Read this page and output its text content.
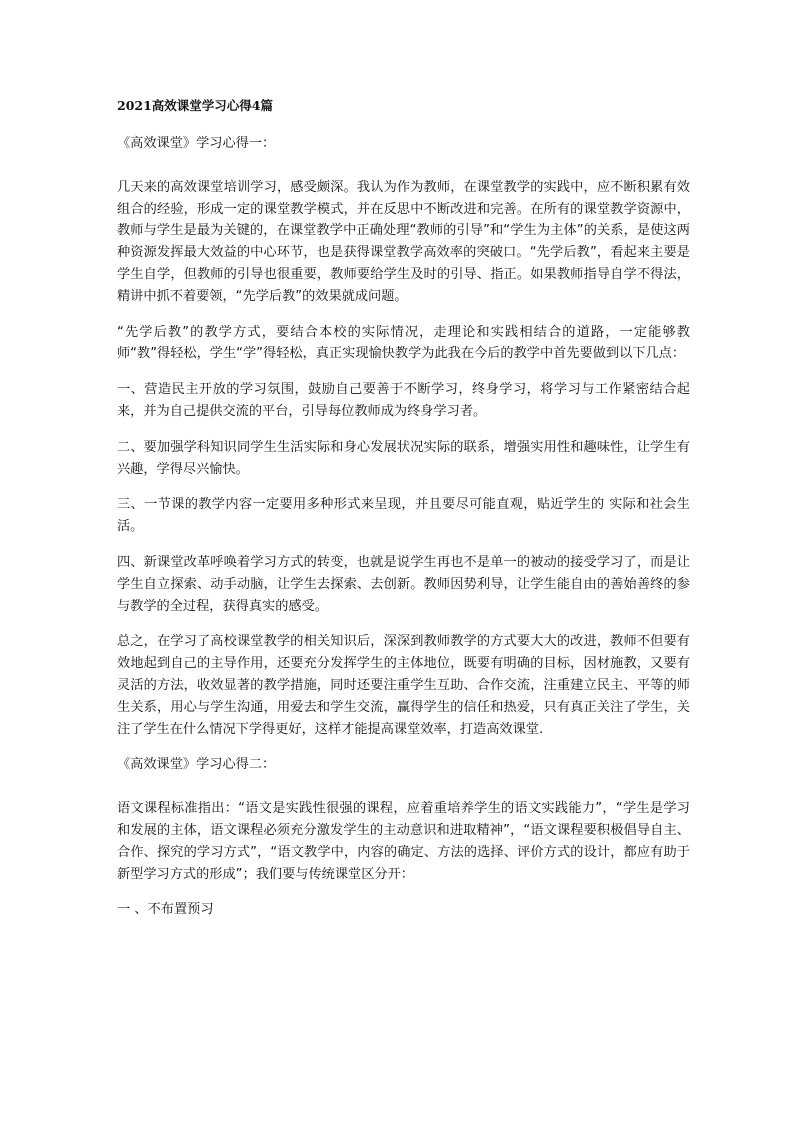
2021高效课堂学习心得4篇

《高效课堂》学习心得一：

几天来的高效课堂培训学习，感受颇深。我认为作为教师，在课堂教学的实践中，应不断积累有效组合的经验，形成一定的课堂教学模式，并在反思中不断改进和完善。在所有的课堂教学资源中，教师与学生是最为关键的，在课堂教学中正确处理“教师的引导”和“学生为主体”的关系，是使这两种资源发挥最大效益的中心环节，也是获得课堂教学高效率的突破口。“先学后教”，看起来主要是学生自学，但教师的引导也很重要，教师要给学生及时的引导、指正。如果教师指导自学不得法，精讲中抓不着要领，“先学后教”的效果就成问题。

“先学后教”的教学方式，要结合本校的实际情况，走理论和实践相结合的道路，一定能够教师“教”得轻松，学生“学”得轻松，真正实现愉快教学为此我在今后的教学中首先要做到以下几点：

一、营造民主开放的学习氛围，鼓励自己要善于不断学习，终身学习，将学习与工作紧密结合起来，并为自己提供交流的平台，引导每位教师成为终身学习者。

二、要加强学科知识同学生生活实际和身心发展状况实际的联系，增强实用性和趣味性，让学生有兴趣，学得尽兴愉快。

三、一节课的教学内容一定要用多种形式来呈现，并且要尽可能直观，贴近学生的 实际和社会生活。

四、新课堂改革呼唤着学习方式的转变，也就是说学生再也不是单一的被动的接受学习了，而是让学生自立探索、动手动脑，让学生去探索、去创新。教师因势利导，让学生能自由的善始善终的参与教学的全过程，获得真实的感受。

总之，在学习了高校课堂教学的相关知识后，深深到教师教学的方式要大大的改进，教师不但要有效地起到自己的主导作用，还要充分发挥学生的主体地位，既要有明确的目标，因材施教，又要有灵活的方法，收效显著的教学措施，同时还要注重学生互助、合作交流，注重建立民主、平等的师生关系，用心与学生沟通，用爱去和学生交流，赢得学生的信任和热爱，只有真正关注了学生，关注了学生在什么情况下学得更好，这样才能提高课堂效率，打造高效课堂.

《高效课堂》学习心得二：

语文课程标准指出：“语文是实践性很强的课程，应着重培养学生的语文实践能力”，“学生是学习和发展的主体，语文课程必须充分激发学生的主动意识和进取精神”，“语文课程要积极倡导自主、合作、探究的学习方式”，“语文教学中，内容的确定、方法的选择、评价方式的设计，都应有助于新型学习方式的形成”；我们要与传统课堂区分开：

一 、不布置预习
